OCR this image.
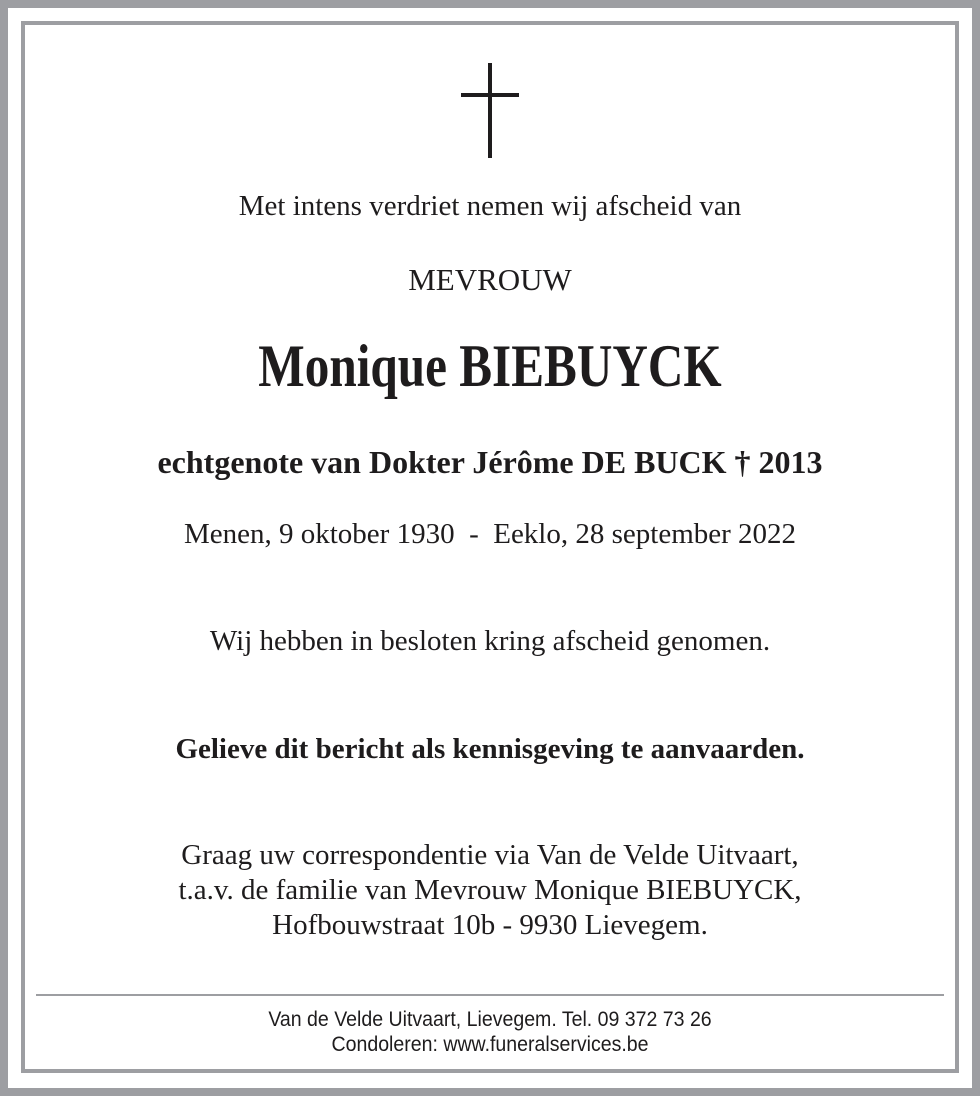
Met intens verdriet nemen wij afscheid van
MEVROUW
Monique BIEBUYCK
echtgenote van Dokter Jérôme DE BUCK † 2013
Menen, 9 oktober 1930  -  Eeklo, 28 september 2022
Wij hebben in besloten kring afscheid genomen.
Gelieve dit bericht als kennisgeving te aanvaarden.
Graag uw correspondentie via Van de Velde Uitvaart,
t.a.v. de familie van Mevrouw Monique BIEBUYCK,
Hofbouwstraat 10b - 9930 Lievegem.
Van de Velde Uitvaart, Lievegem. Tel. 09 372 73 26
Condoleren: www.funeralservices.be
